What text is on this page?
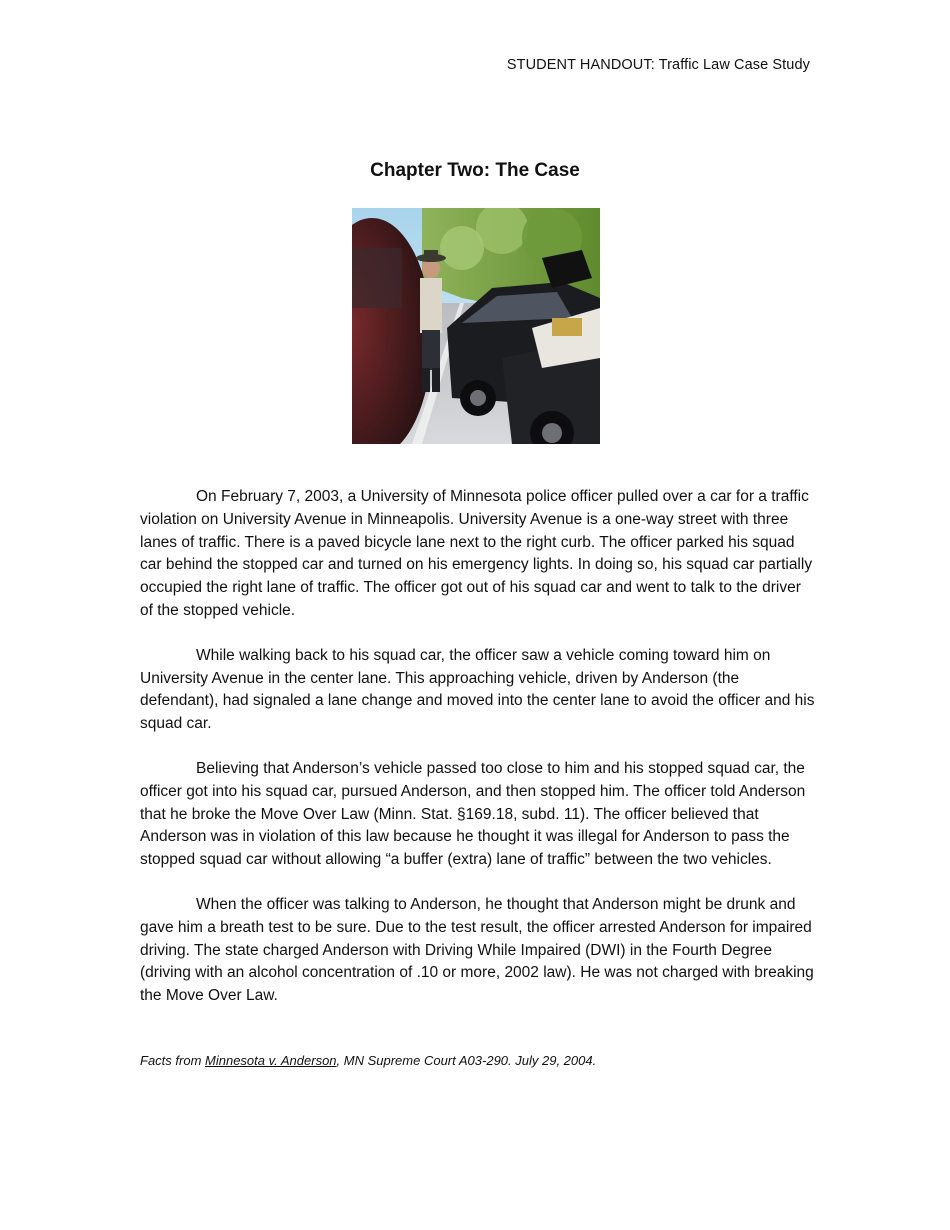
STUDENT HANDOUT: Traffic Law Case Study
Chapter Two: The Case

On February 7, 2003, a University of Minnesota police officer pulled over a car for a traffic violation on University Avenue in Minneapolis. University Avenue is a one-way street with three lanes of traffic. There is a paved bicycle lane next to the right curb. The officer parked his squad car behind the stopped car and turned on his emergency lights. In doing so, his squad car partially occupied the right lane of traffic. The officer got out of his squad car and went to talk to the driver of the stopped vehicle.

While walking back to his squad car, the officer saw a vehicle coming toward him on University Avenue in the center lane. This approaching vehicle, driven by Anderson (the defendant), had signaled a lane change and moved into the center lane to avoid the officer and his squad car.

Believing that Anderson’s vehicle passed too close to him and his stopped squad car, the officer got into his squad car, pursued Anderson, and then stopped him. The officer told Anderson that he broke the Move Over Law (Minn. Stat. §169.18, subd. 11). The officer believed that Anderson was in violation of this law because he thought it was illegal for Anderson to pass the stopped squad car without allowing “a buffer (extra) lane of traffic” between the two vehicles.

When the officer was talking to Anderson, he thought that Anderson might be drunk and gave him a breath test to be sure. Due to the test result, the officer arrested Anderson for impaired driving. The state charged Anderson with Driving While Impaired (DWI) in the Fourth Degree (driving with an alcohol concentration of .10 or more, 2002 law). He was not charged with breaking the Move Over Law.

Facts from Minnesota v. Anderson, MN Supreme Court A03-290. July 29, 2004.
